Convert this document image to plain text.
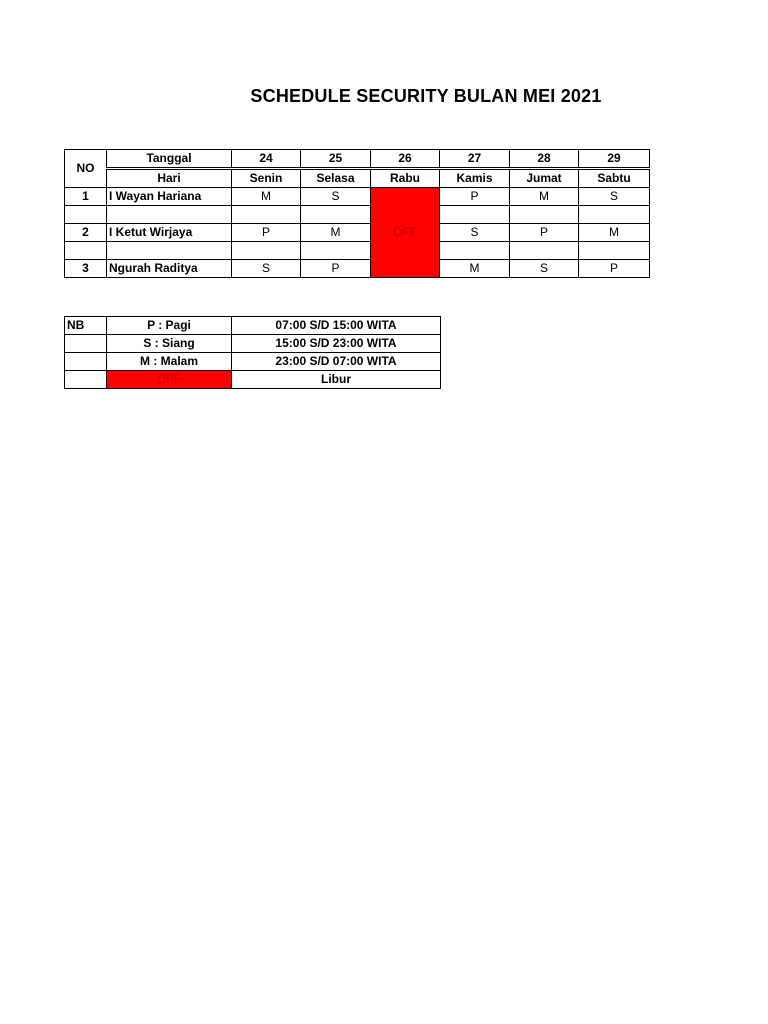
SCHEDULE SECURITY BULAN MEI 2021
NO	Tanggal	24	25	26	27	28	29
	Hari	Senin	Selasa	Rabu	Kamis	Jumat	Sabtu
1	I Wayan Hariana	M	S	OFF	P	M	S

2	I Ketut Wirjaya	P	M		S	P	M

3	Ngurah Raditya	S	P		M	S	P
NB	P : Pagi	07:00 S/D 15:00 WITA
	S : Siang	15:00 S/D 23:00 WITA
	M : Malam	23:00 S/D 07:00 WITA
	OFF	Libur
